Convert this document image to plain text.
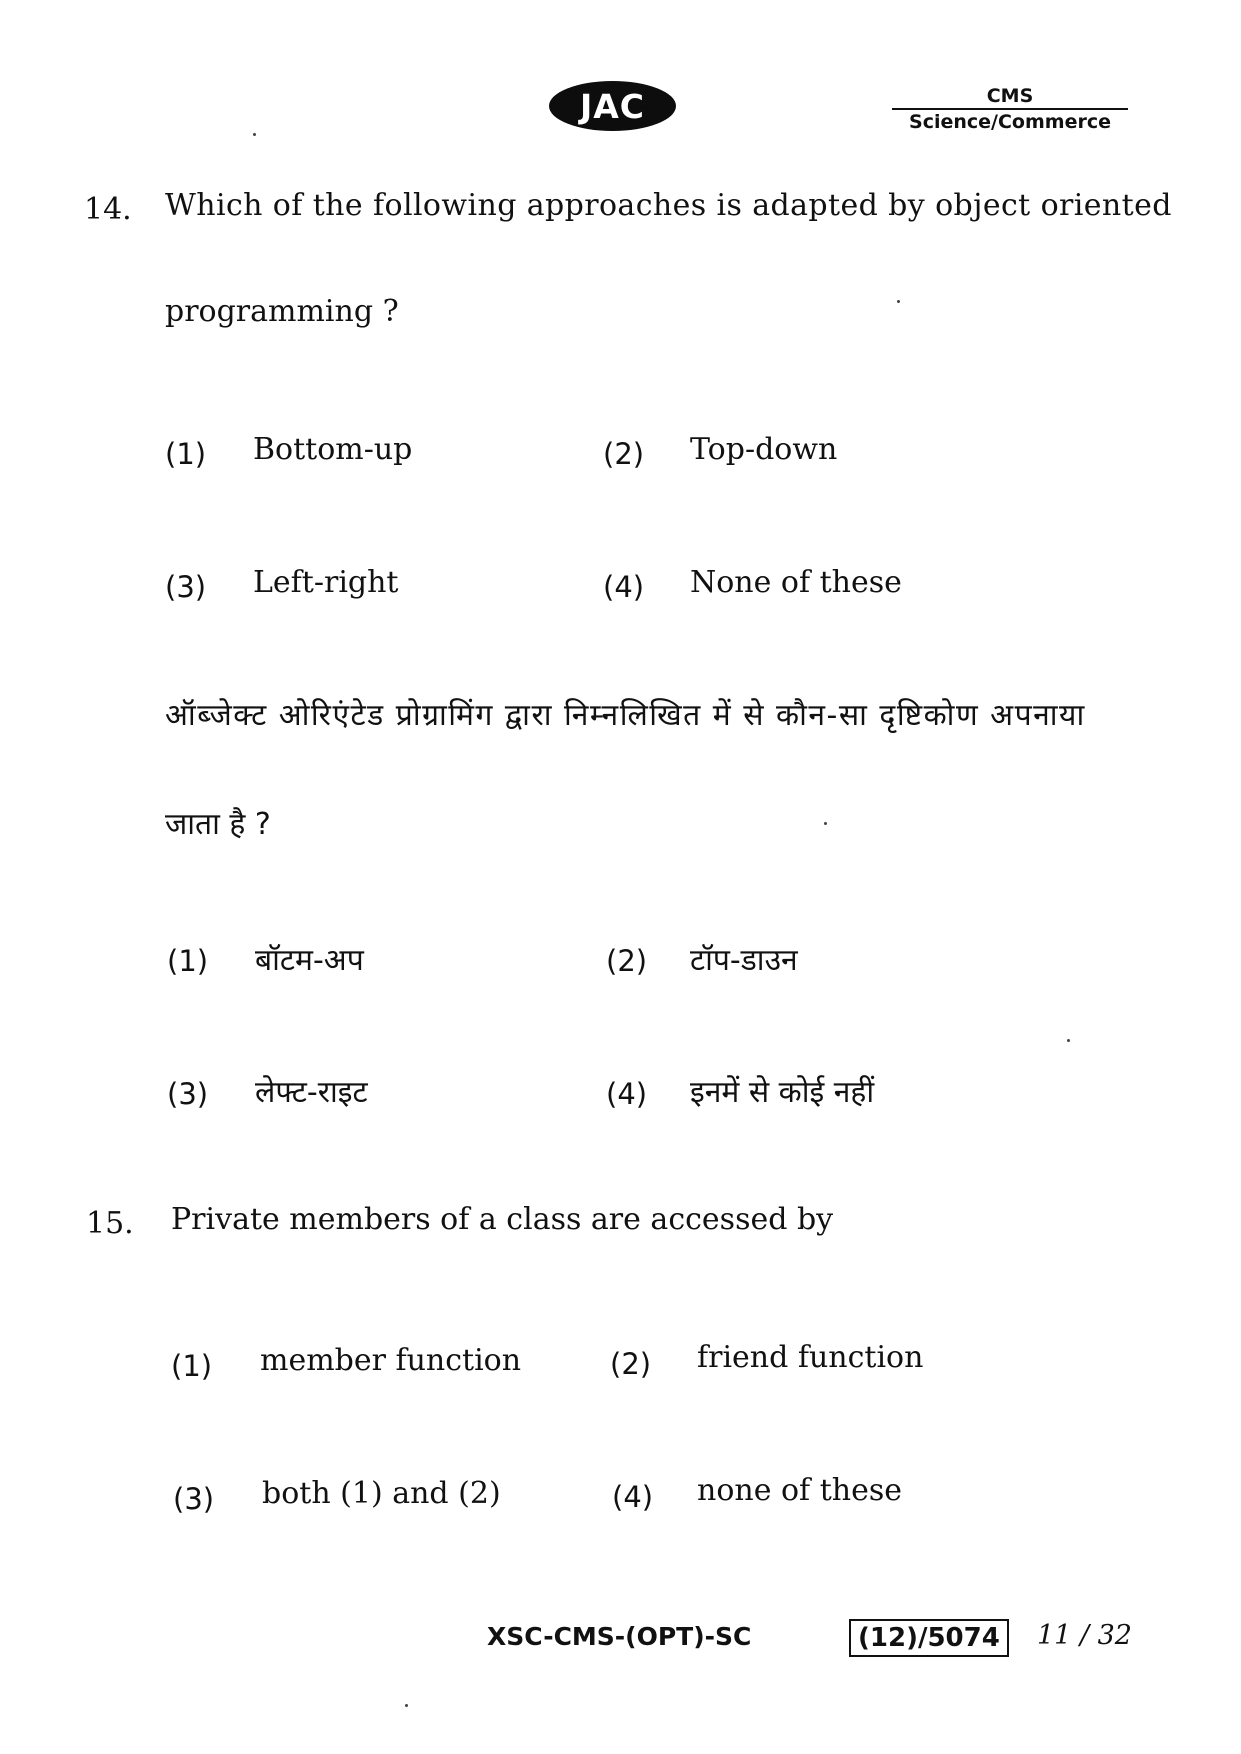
JAC	CMS
Science/Commerce
14. Which of the following approaches is adapted by object oriented
programming ?
(1) Bottom-up	(2) Top-down
(3) Left-right	(4) None of these
ऑब्जेक्ट ओरिएंटेड प्रोग्रामिंग द्वारा निम्नलिखित में से कौन-सा दृष्टिकोण अपनाया
जाता है ?
(1) बॉटम-अप	(2) टॉप-डाउन
(3) लेफ्ट-राइट	(4) इनमें से कोई नहीं
15. Private members of a class are accessed by
(1) member function	(2) friend function
(3) both (1) and (2)	(4) none of these
XSC-CMS-(OPT)-SC	(12)/5074	11 / 32
